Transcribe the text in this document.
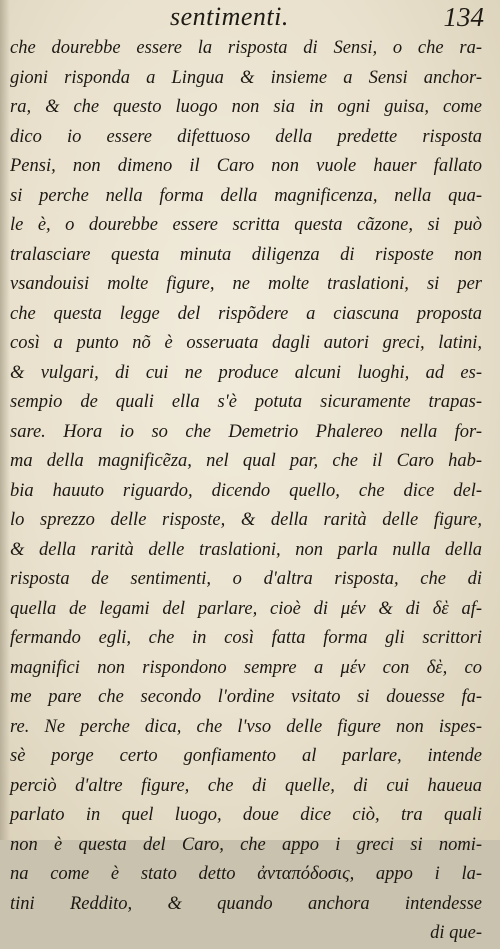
sentimenti.	134
che dourebbe essere la risposta di Sensi, o che ra-
gioni risponda a Lingua & insieme a Sensi anchor-
ra, & che questo luogo non sia in ogni guisa, come
dico io essere difettuoso della predette risposta
Pensi, non dimeno il Caro non vuole hauer fallato
si perche nella forma della magnificenza, nella qua-
le è, o dourebbe essere scritta questa cãzone, si può
tralasciare questa minuta diligenza di risposte non
vsandouisi molte figure, ne molte traslationi, si per
che questa legge del rispõdere a ciascuna proposta
così a punto nõ è osseruata dagli autori greci, latini,
& vulgari, di cui ne produce alcuni luoghi, ad es-
sempio de quali ella s'è potuta sicuramente trapas-
sare. Hora io so che Demetrio Phalereo nella for-
ma della magnificẽza, nel qual par, che il Caro hab-
bia hauuto riguardo, dicendo quello, che dice del-
lo sprezzo delle risposte, & della rarità delle figure,
& della rarità delle traslationi, non parla nulla della
risposta de sentimenti, o d'altra risposta, che di
quella de legami del parlare, cioè di μέν & di δὲ af-
fermando egli, che in così fatta forma gli scrittori
magnifici non rispondono sempre a μέν con δὲ, co
me pare che secondo l'ordine vsitato si douesse fa-
re. Ne perche dica, che l'vso delle figure non ispes-
sè porge certo gonfiamento al parlare, intende
perciò d'altre figure, che di quelle, di cui haueua
parlato in quel luogo, doue dice ciò, tra quali
non è questa del Caro, che appo i greci si nomi-
na come è stato detto ἀνταπόδοσις, appo i la-
tini Reddito, & quando anchora intendesse
di que-
